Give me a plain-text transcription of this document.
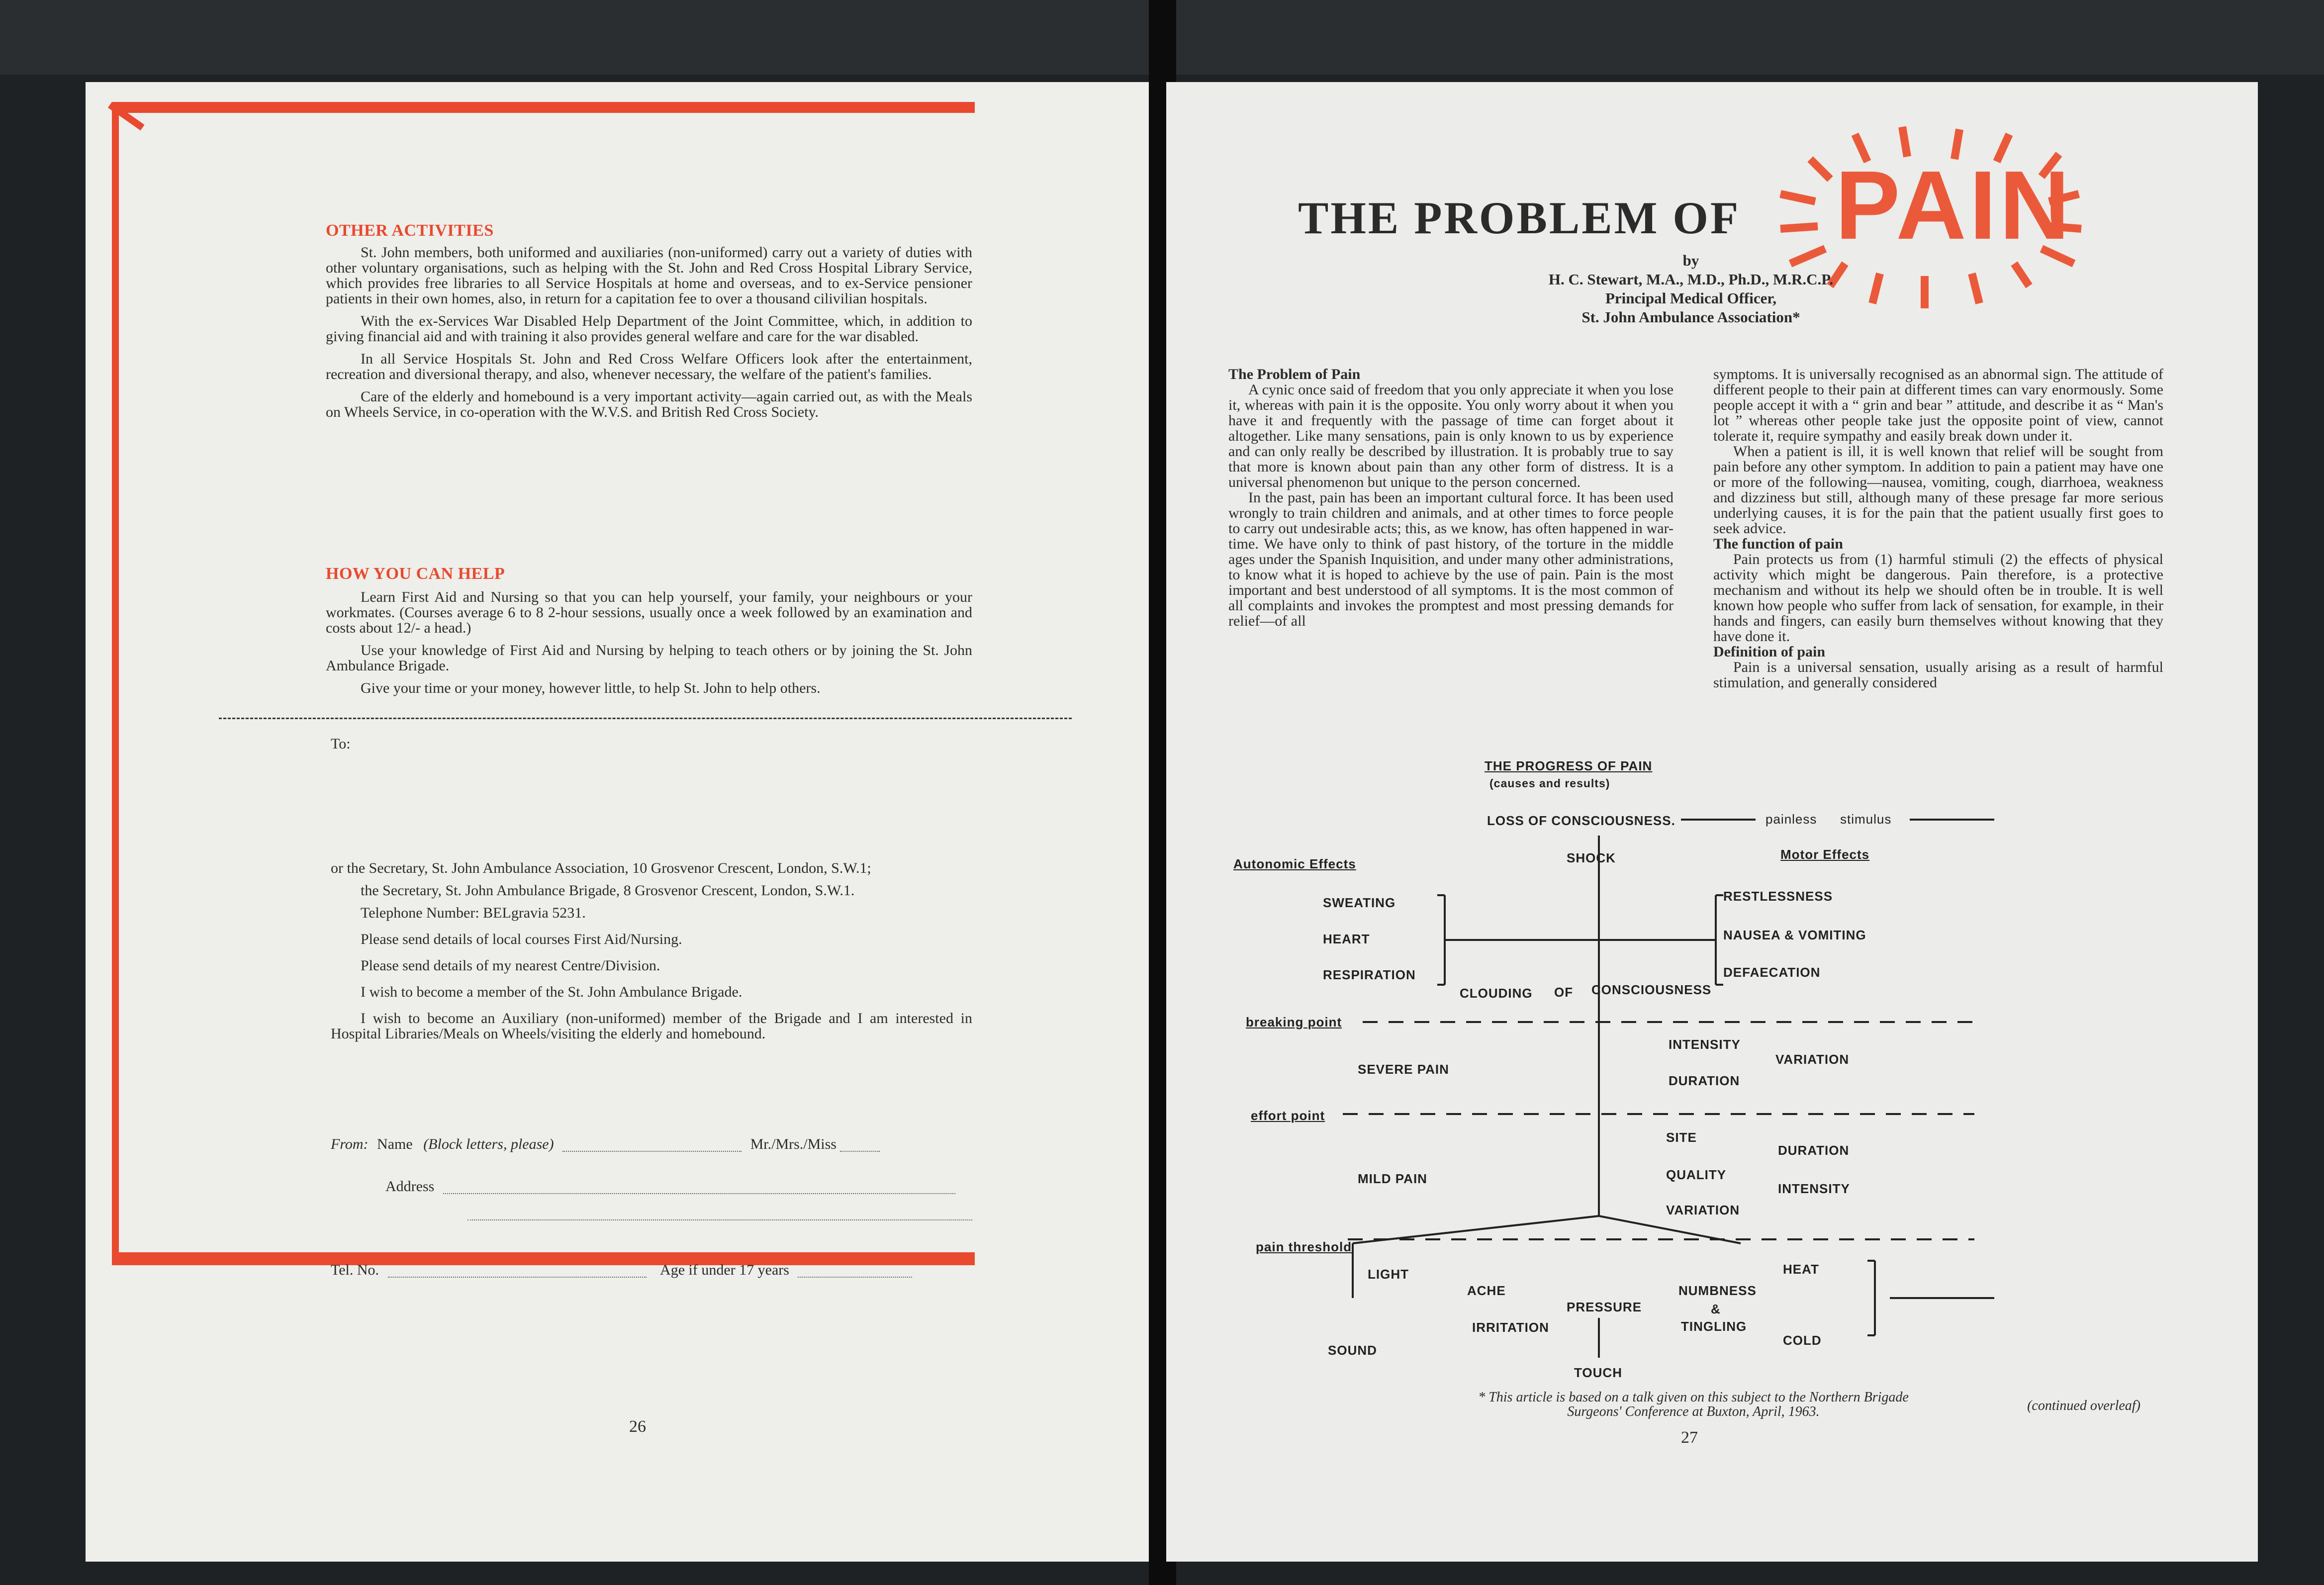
OTHER ACTIVITIES

St. John members, both uniformed and auxiliaries (non-uniformed) carry out a variety of duties with other voluntary organisations, such as helping with the St. John and Red Cross Hospital Library Service, which provides free libraries to all Service Hospitals at home and overseas, and to ex-Service pensioner patients in their own homes, also, in return for a capitation fee to over a thousand cilivilian hospitals.

With the ex-Services War Disabled Help Department of the Joint Committee, which, in addition to giving financial aid and with training it also provides general welfare and care for the war disabled.

In all Service Hospitals St. John and Red Cross Welfare Officers look after the entertainment, recreation and diversional therapy, and also, whenever necessary, the welfare of the patient's families.

Care of the elderly and homebound is a very important activity—again carried out, as with the Meals on Wheels Service, in co-operation with the W.V.S. and British Red Cross Society.

HOW YOU CAN HELP

Learn First Aid and Nursing so that you can help yourself, your family, your neighbours or your workmates. (Courses average 6 to 8 2-hour sessions, usually once a week followed by an examination and costs about 12/- a head.)

Use your knowledge of First Aid and Nursing by helping to teach others or by joining the St. John Ambulance Brigade.

Give your time or your money, however little, to help St. John to help others.

To:

or the Secretary, St. John Ambulance Association, 10 Grosvenor Crescent, London, S.W.1;

the Secretary, St. John Ambulance Brigade, 8 Grosvenor Crescent, London, S.W.1.

Telephone Number: BELgravia 5231.

Please send details of local courses First Aid/Nursing.

Please send details of my nearest Centre/Division.

I wish to become a member of the St. John Ambulance Brigade.

I wish to become an Auxiliary (non-uniformed) member of the Brigade and I am interested in Hospital Libraries/Meals on Wheels/visiting the elderly and homebound.

From: Name (Block letters, please)	Mr./Mrs./Miss
Address
Tel. No.	Age if under 17 years
26
THE PROBLEM OF PAIN
by
H. C. Stewart, M.A., M.D., Ph.D., M.R.C.P.
Principal Medical Officer,
St. John Ambulance Association*
The Problem of Pain

A cynic once said of freedom that you only appreciate it when you lose it, whereas with pain it is the opposite. You only worry about it when you have it and frequently with the passage of time can forget about it altogether. Like many sensations, pain is only known to us by experience and can only really be described by illustration. It is probably true to say that more is known about pain than any other form of distress. It is a universal phenomenon but unique to the person concerned.

In the past, pain has been an important cultural force. It has been used wrongly to train children and animals, and at other times to force people to carry out undesirable acts; this, as we know, has often happened in war-time. We have only to think of past history, of the torture in the middle ages under the Spanish Inquisition, and under many other administrations, to know what it is hoped to achieve by the use of pain. Pain is the most important and best understood of all symptoms. It is the most common of all complaints and invokes the promptest and most pressing demands for relief—of all

symptoms. It is universally recognised as an abnormal sign. The attitude of different people to their pain at different times can vary enormously. Some people accept it with a “ grin and bear ” attitude, and describe it as “ Man's lot ” whereas other people take just the opposite point of view, cannot tolerate it, require sympathy and easily break down under it.

When a patient is ill, it is well known that relief will be sought from pain before any other symptom. In addition to pain a patient may have one or more of the following—nausea, vomiting, cough, diarrhoea, weakness and dizziness but still, although many of these presage far more serious underlying causes, it is for the pain that the patient usually first goes to seek advice.

The function of pain

Pain protects us from (1) harmful stimuli (2) the effects of physical activity which might be dangerous. Pain therefore, is a protective mechanism and without its help we should often be in trouble. It is well known how people who suffer from lack of sensation, for example, in their hands and fingers, can easily burn themselves without knowing that they have done it.

Definition of pain

Pain is a universal sensation, usually arising as a result of harmful stimulation, and generally considered

THE PROGRESS OF PAIN
(causes and results)
LOSS OF CONSCIOUSNESS.	painless stimulus
SHOCK
Autonomic Effects
Motor Effects
SWEATING
HEART
RESPIRATION
RESTLESSNESS
NAUSEA & VOMITING
DEFAECATION
CLOUDING OF CONSCIOUSNESS
breaking point
SEVERE PAIN
INTENSITY
VARIATION
DURATION
effort point
MILD PAIN
SITE
DURATION
QUALITY
INTENSITY
VARIATION
pain threshold
LIGHT
ACHE
PRESSURE
NUMBNESS
&
TINGLING
HEAT
COLD
IRRITATION
SOUND
TOUCH
* This article is based on a talk given on this subject to the Northern Brigade Surgeons' Conference at Buxton, April, 1963.	(continued overleaf)
27
